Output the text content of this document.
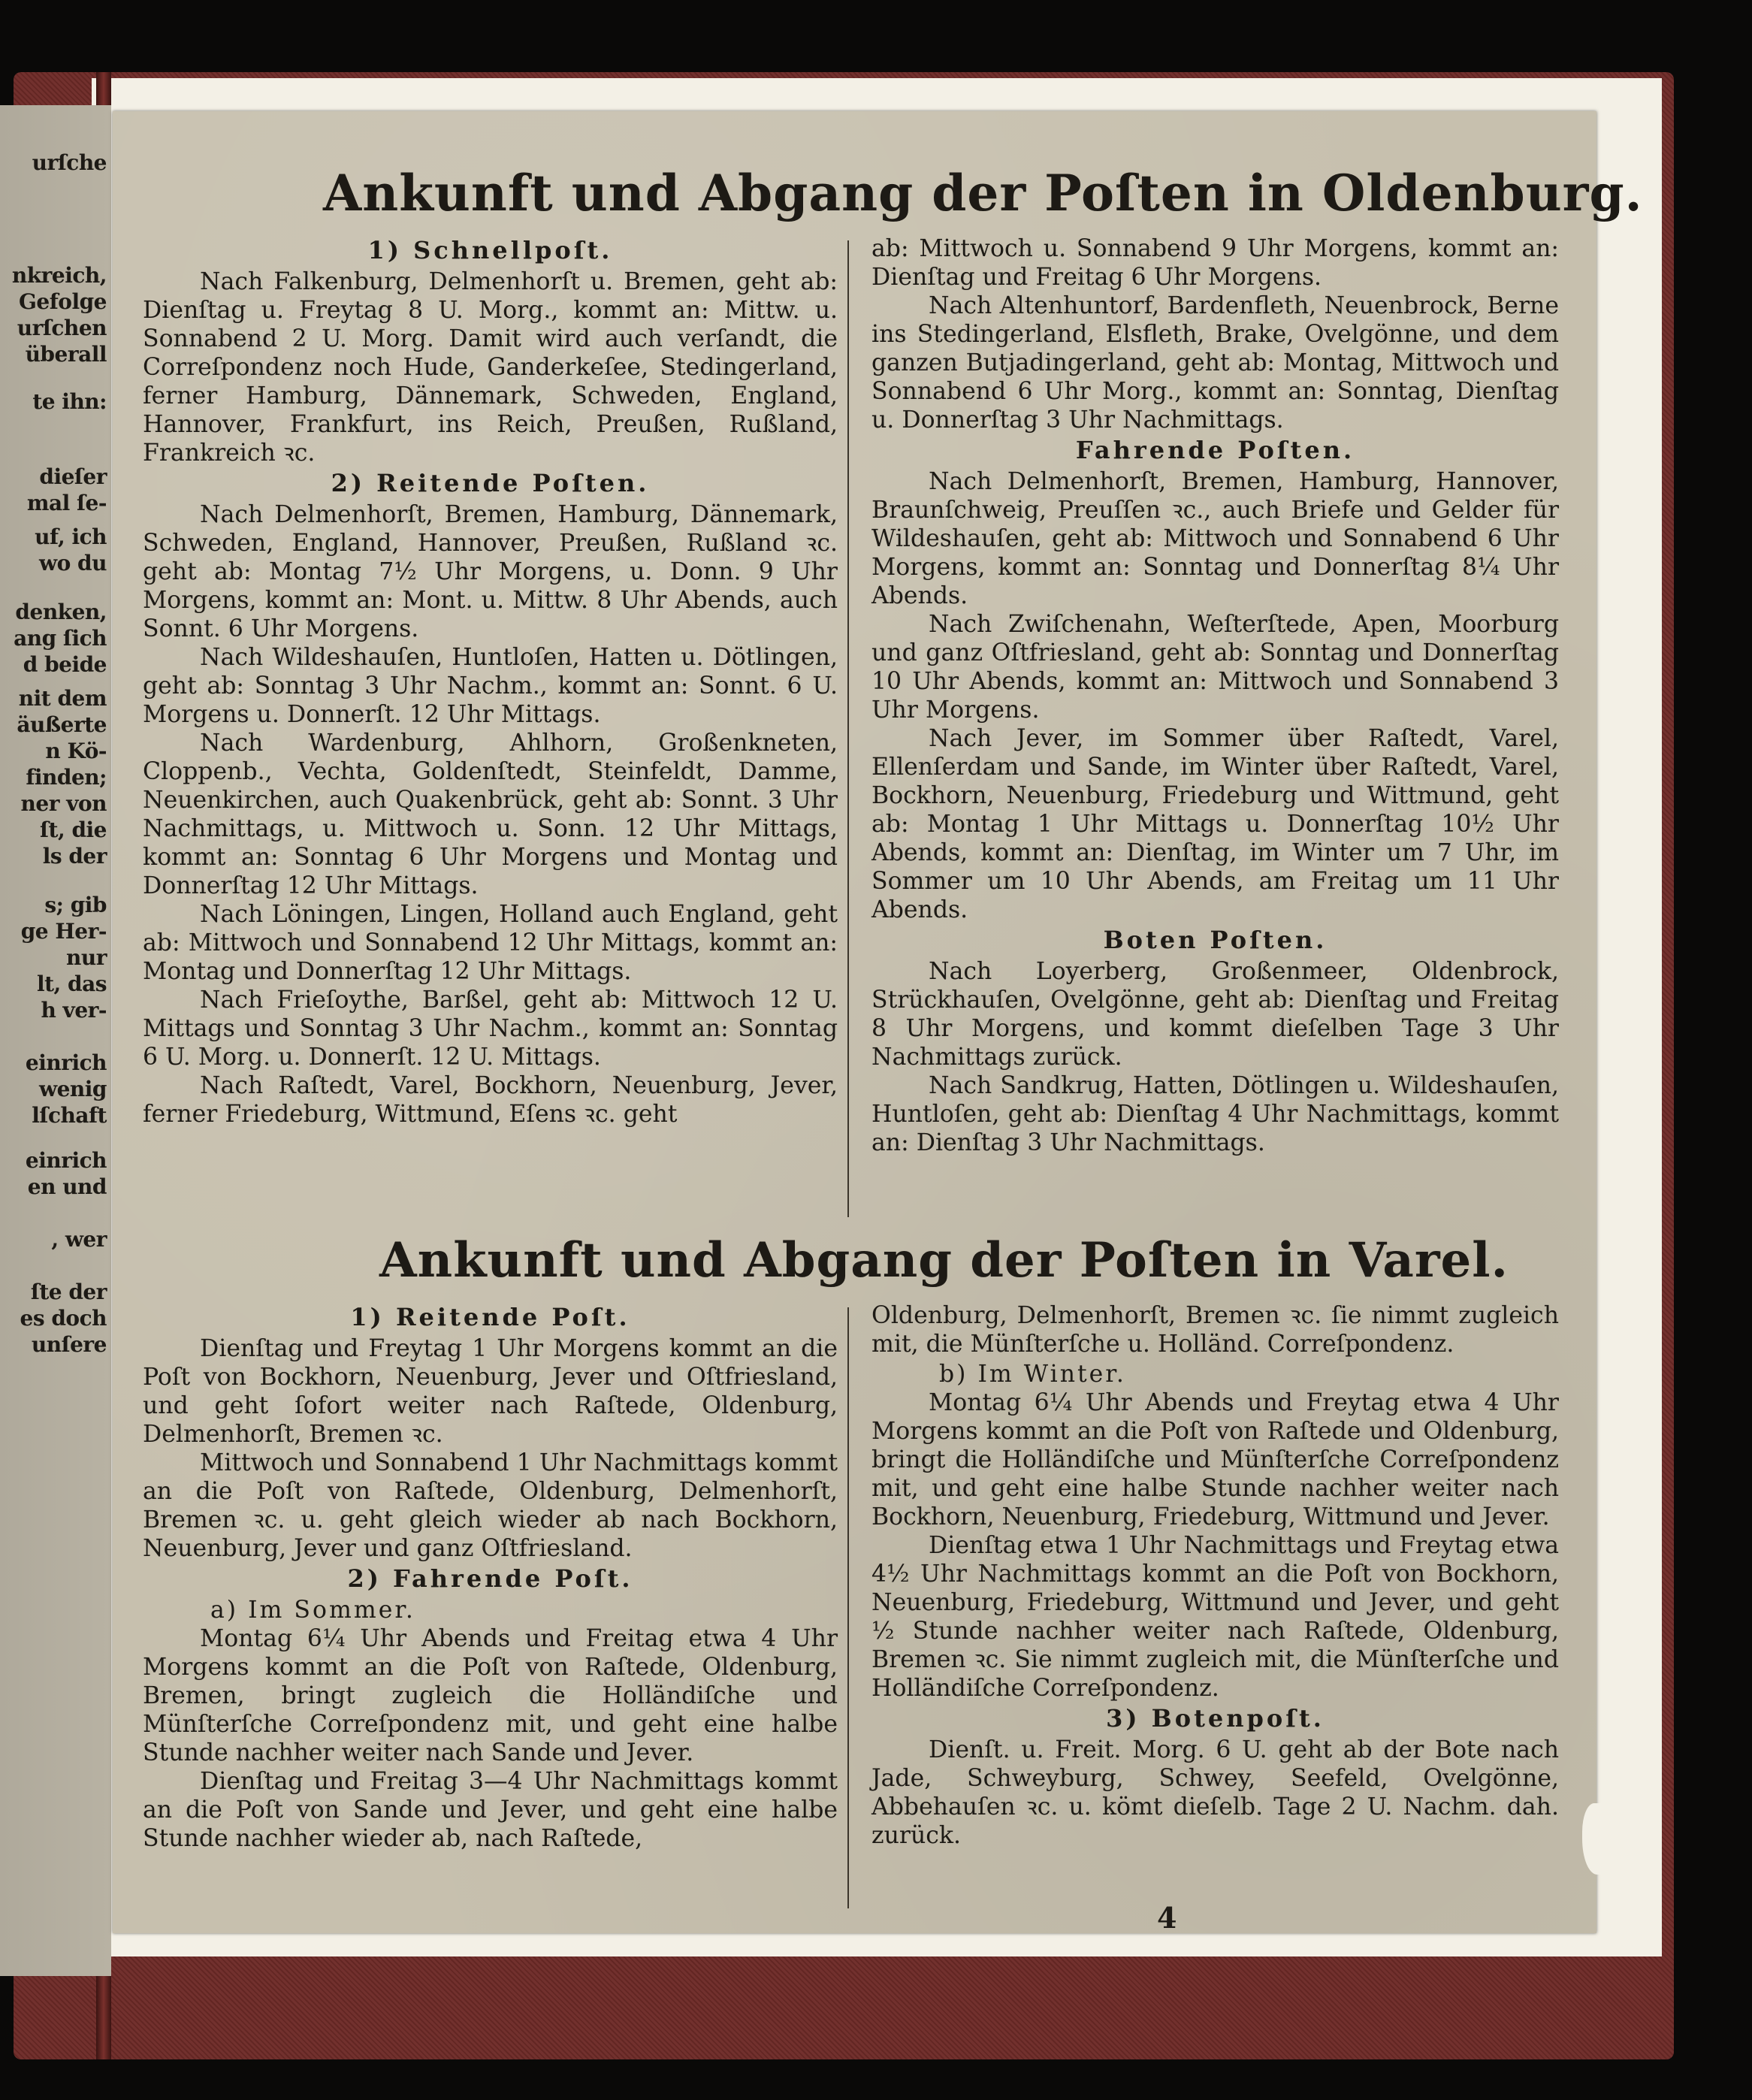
urſche
nkreich,
Gefolge
urſchen
überall
te ihn:
dieſer
mal ſe-
uf, ich
wo du
denken,
ang ſich
d beide
nit dem
äußerte
n Kö-
finden;
ner von
ſt, die
ls der
s; gib
ge Her-
nur
lt, das
h ver-
einrich
wenig
lſchaft
einrich
en und
, wer
ſte der
es doch
unſere
Ankunft und Abgang der Poſten in Oldenburg.
1) Schnellpoſt.

Nach Falkenburg, Delmenhorſt u. Bremen, geht ab: Dienſtag u. Freytag 8 U. Morg., kommt an: Mittw. u. Sonnabend 2 U. Morg. Damit wird auch verſandt, die Correſpondenz noch Hude, Ganderkeſee, Stedingerland, ferner Hamburg, Dännemark, Schweden, England, Hannover, Frankfurt, ins Reich, Preußen, Rußland, Frankreich ꝛc.

2) Reitende Poſten.

Nach Delmenhorſt, Bremen, Hamburg, Dännemark, Schweden, England, Hannover, Preußen, Rußland ꝛc. geht ab: Montag 7½ Uhr Morgens, u. Donn. 9 Uhr Morgens, kommt an: Mont. u. Mittw. 8 Uhr Abends, auch Sonnt. 6 Uhr Morgens.

Nach Wildeshauſen, Huntloſen, Hatten u. Dötlingen, geht ab: Sonntag 3 Uhr Nachm., kommt an: Sonnt. 6 U. Morgens u. Donnerſt. 12 Uhr Mittags.

Nach Wardenburg, Ahlhorn, Großenkneten, Cloppenb., Vechta, Goldenſtedt, Steinfeldt, Damme, Neuenkirchen, auch Quakenbrück, geht ab: Sonnt. 3 Uhr Nachmittags, u. Mittwoch u. Sonn. 12 Uhr Mittags, kommt an: Sonntag 6 Uhr Morgens und Montag und Donnerſtag 12 Uhr Mittags.

Nach Löningen, Lingen, Holland auch England, geht ab: Mittwoch und Sonnabend 12 Uhr Mittags, kommt an: Montag und Donnerſtag 12 Uhr Mittags.

Nach Frieſoythe, Barßel, geht ab: Mittwoch 12 U. Mittags und Sonntag 3 Uhr Nachm., kommt an: Sonntag 6 U. Morg. u. Donnerſt. 12 U. Mittags.

Nach Raſtedt, Varel, Bockhorn, Neuenburg, Jever, ferner Friedeburg, Wittmund, Eſens ꝛc. geht

ab: Mittwoch u. Sonnabend 9 Uhr Morgens, kommt an: Dienſtag und Freitag 6 Uhr Morgens.

Nach Altenhuntorf, Bardenfleth, Neuenbrock, Berne ins Stedingerland, Elsfleth, Brake, Ovelgönne, und dem ganzen Butjadingerland, geht ab: Montag, Mittwoch und Sonnabend 6 Uhr Morg., kommt an: Sonntag, Dienſtag u. Donnerſtag 3 Uhr Nachmittags.

Fahrende Poſten.

Nach Delmenhorſt, Bremen, Hamburg, Hannover, Braunſchweig, Preuſſen ꝛc., auch Briefe und Gelder für Wildeshauſen, geht ab: Mittwoch und Sonnabend 6 Uhr Morgens, kommt an: Sonntag und Donnerſtag 8¼ Uhr Abends.

Nach Zwiſchenahn, Weſterſtede, Apen, Moorburg und ganz Oſtfriesland, geht ab: Sonntag und Donnerſtag 10 Uhr Abends, kommt an: Mittwoch und Sonnabend 3 Uhr Morgens.

Nach Jever, im Sommer über Raſtedt, Varel, Ellenſerdam und Sande, im Winter über Raſtedt, Varel, Bockhorn, Neuenburg, Friedeburg und Wittmund, geht ab: Montag 1 Uhr Mittags u. Donnerſtag 10½ Uhr Abends, kommt an: Dienſtag, im Winter um 7 Uhr, im Sommer um 10 Uhr Abends, am Freitag um 11 Uhr Abends.

Boten Poſten.

Nach Loyerberg, Großenmeer, Oldenbrock, Strückhauſen, Ovelgönne, geht ab: Dienſtag und Freitag 8 Uhr Morgens, und kommt dieſelben Tage 3 Uhr Nachmittags zurück.

Nach Sandkrug, Hatten, Dötlingen u. Wildeshauſen, Huntloſen, geht ab: Dienſtag 4 Uhr Nachmittags, kommt an: Dienſtag 3 Uhr Nachmittags.

Ankunft und Abgang der Poſten in Varel.
1) Reitende Poſt.

Dienſtag und Freytag 1 Uhr Morgens kommt an die Poſt von Bockhorn, Neuenburg, Jever und Oſtfriesland, und geht ſofort weiter nach Raſtede, Oldenburg, Delmenhorſt, Bremen ꝛc.

Mittwoch und Sonnabend 1 Uhr Nachmittags kommt an die Poſt von Raſtede, Oldenburg, Delmenhorſt, Bremen ꝛc. u. geht gleich wieder ab nach Bockhorn, Neuenburg, Jever und ganz Oſtfriesland.

2) Fahrende Poſt.

a) Im Sommer.

Montag 6¼ Uhr Abends und Freitag etwa 4 Uhr Morgens kommt an die Poſt von Raſtede, Oldenburg, Bremen, bringt zugleich die Holländiſche und Münſterſche Correſpondenz mit, und geht eine halbe Stunde nachher weiter nach Sande und Jever.

Dienſtag und Freitag 3—4 Uhr Nachmittags kommt an die Poſt von Sande und Jever, und geht eine halbe Stunde nachher wieder ab, nach Raſtede,

Oldenburg, Delmenhorſt, Bremen ꝛc. ſie nimmt zugleich mit, die Münſterſche u. Holländ. Correſpondenz.

b) Im Winter.

Montag 6¼ Uhr Abends und Freytag etwa 4 Uhr Morgens kommt an die Poſt von Raſtede und Oldenburg, bringt die Holländiſche und Münſterſche Correſpondenz mit, und geht eine halbe Stunde nachher weiter nach Bockhorn, Neuenburg, Friedeburg, Wittmund und Jever.

Dienſtag etwa 1 Uhr Nachmittags und Freytag etwa 4½ Uhr Nachmittags kommt an die Poſt von Bockhorn, Neuenburg, Friedeburg, Wittmund und Jever, und geht ½ Stunde nachher weiter nach Raſtede, Oldenburg, Bremen ꝛc. Sie nimmt zugleich mit, die Münſterſche und Holländiſche Correſpondenz.

3) Botenpoſt.

Dienſt. u. Freit. Morg. 6 U. geht ab der Bote nach Jade, Schweyburg, Schwey, Seefeld, Ovelgönne, Abbehauſen ꝛc. u. kömt dieſelb. Tage 2 U. Nachm. dah. zurück.

4
